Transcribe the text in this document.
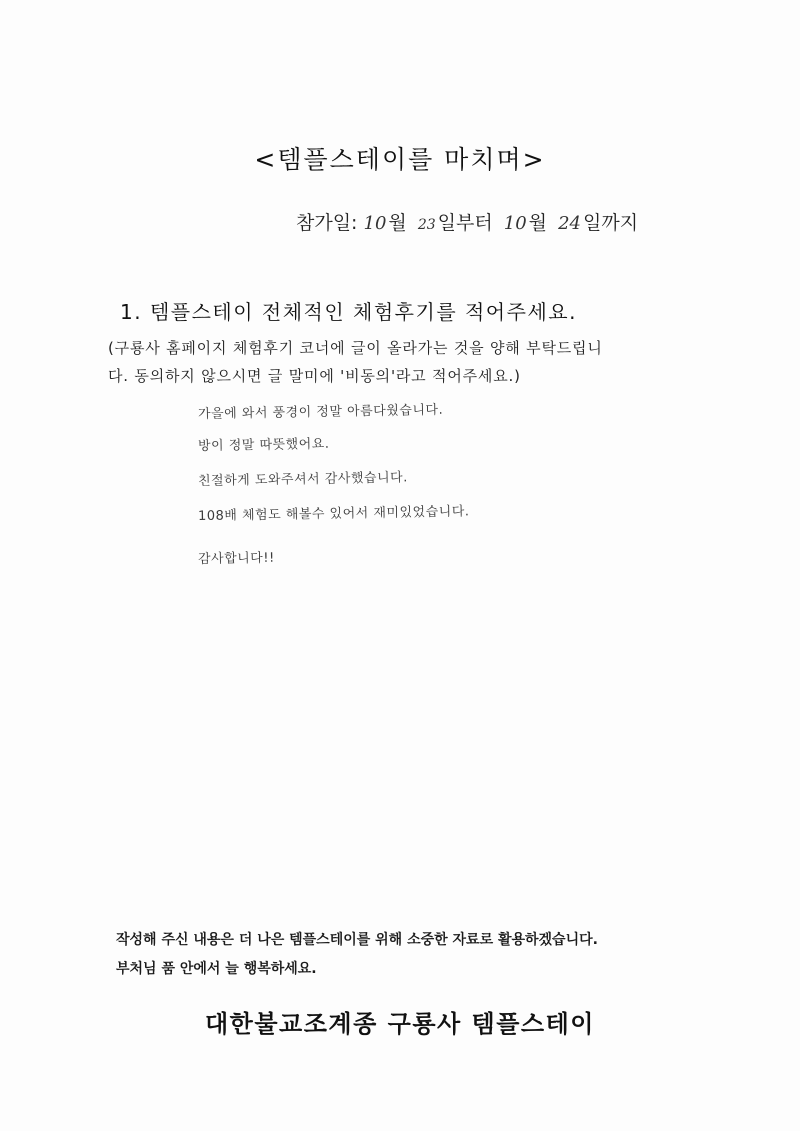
<템플스테이를 마치며>
참가일: 10 월 23 일부터 10 월 24 일까지
1. 템플스테이 전체적인 체험후기를 적어주세요.
(구룡사 홈페이지 체험후기 코너에 글이 올라가는 것을 양해 부탁드립니
다. 동의하지 않으시면 글 말미에 '비동의'라고 적어주세요.)
가을에 와서 풍경이 정말 아름다웠습니다.
방이 정말 따뜻했어요.
친절하게 도와주셔서 감사했습니다.
108배 체험도 해볼수 있어서 재미있었습니다.
감사합니다!!
작성해 주신 내용은 더 나은 템플스테이를 위해 소중한 자료로 활용하겠습니다.
부처님 품 안에서 늘 행복하세요.
대한불교조계종 구룡사 템플스테이
